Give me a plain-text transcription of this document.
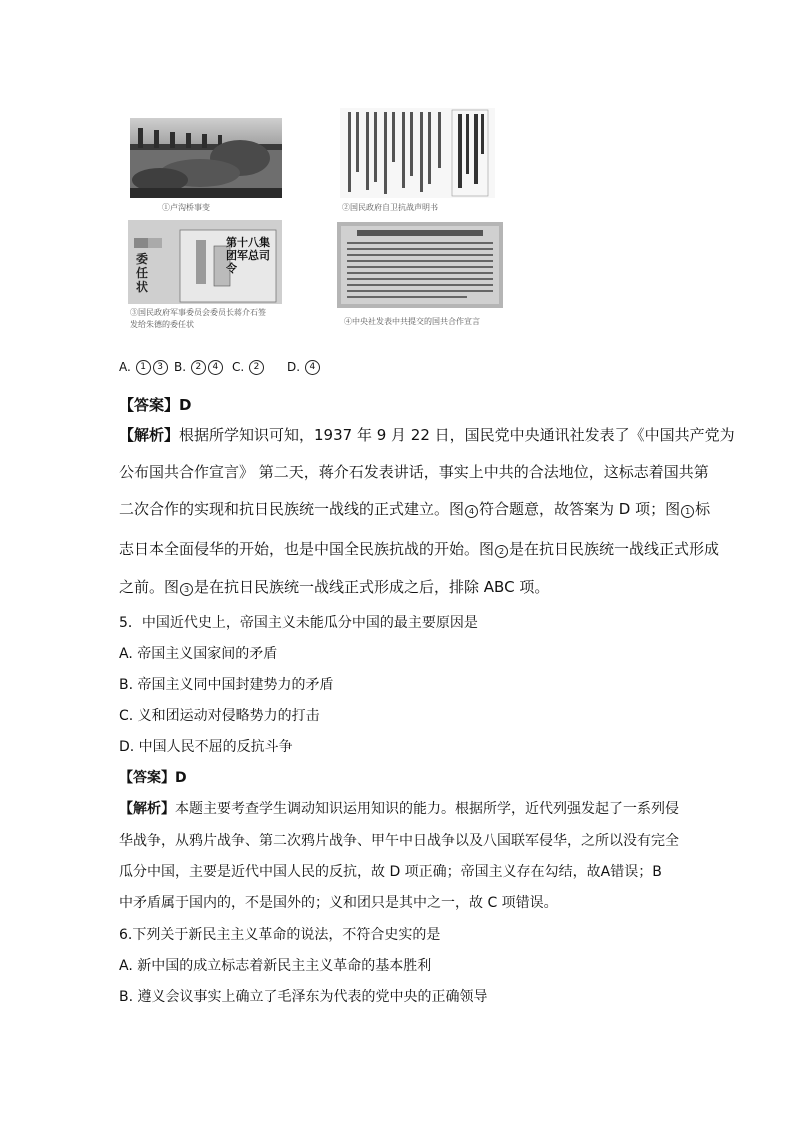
①卢沟桥事变	②国民政府自卫抗战声明书
委任状
第十八集团军总司令
③国民政府军事委员会委员长蒋介石签
发给朱德的委任状	④中央社发表中共提交的国共合作宣言
A. 1 3 B. 2 4	C. 2	D. 4
【答案】D
【解析】根据所学知识可知，1937 年 9 月 22 日，国民党中央通讯社发表了《中国共产党为
公布国共合作宣言》 第二天，蒋介石发表讲话，事实上中共的合法地位，这标志着国共第
二次合作的实现和抗日民族统一战线的正式建立。图 4 符合题意，故答案为 D 项；图 1 标
志日本全面侵华的开始，也是中国全民族抗战的开始。图 2 是在抗日民族统一战线正式形成
之前。图 3 是在抗日民族统一战线正式形成之后，排除 ABC 项。
5．中国近代史上，帝国主义未能瓜分中国的最主要原因是
A. 帝国主义国家间的矛盾
B. 帝国主义同中国封建势力的矛盾
C. 义和团运动对侵略势力的打击
D. 中国人民不屈的反抗斗争
【答案】D
【解析】本题主要考查学生调动知识运用知识的能力。根据所学，近代列强发起了一系列侵
华战争，从鸦片战争、第二次鸦片战争、甲午中日战争以及八国联军侵华，之所以没有完全
瓜分中国，主要是近代中国人民的反抗，故 D 项正确；帝国主义存在勾结，故A错误；B
中矛盾属于国内的，不是国外的；义和团只是其中之一，故 C 项错误。
6.下列关于新民主主义革命的说法，不符合史实的是
A. 新中国的成立标志着新民主主义革命的基本胜利
B. 遵义会议事实上确立了毛泽东为代表的党中央的正确领导
